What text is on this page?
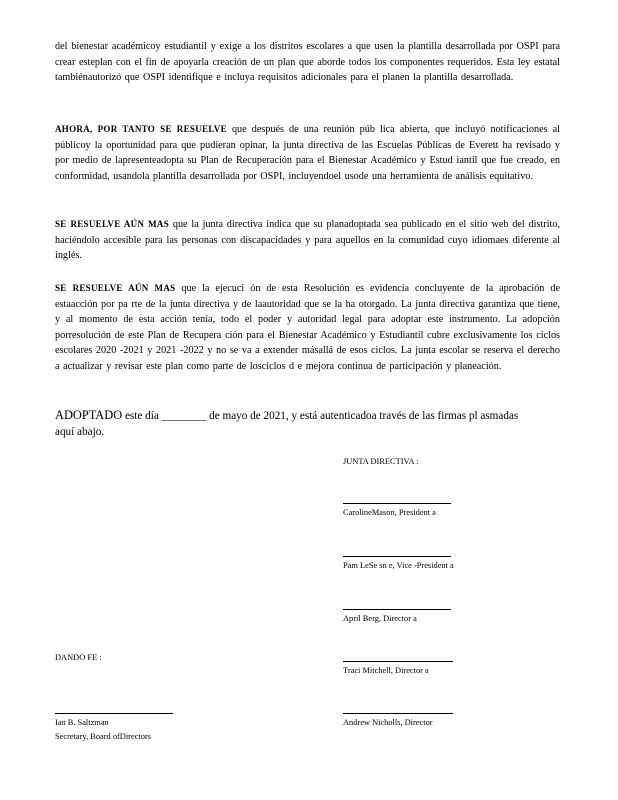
del bienestar académicoy estudiantil y exige a los distritos escolares a que usen la plantilla desarrollada por OSPI para crear esteplan con el fin de apoyarla creación de un plan que aborde todos los componentes requeridos. Esta ley estatal tambiénautorizó que OSPI identifique e incluya requisitos adicionales para el planen la plantilla desarrollada.
AHORA, POR TANTO SE RESUELVE que después de una reunión púb lica abierta, que incluyó notificaciones al públicoy la oportunidad para que pudieran opinar, la junta directiva de las Escuelas Públicas de Everett ha revisado y por medio de lapresenteadopta su Plan de Recuperación para el Bienestar Académico y Estud iantil que fue creado, en conformidad, usandola plantilla desarrollada por OSPI, incluyendoel usode una herramienta de análisis equitativo.
SE RESUELVE AÚN MAS que la junta directiva indica que su planadoptada sea publicado en el sitio web del distrito, haciéndolo accesible para las personas con discapacidades y para aquellos en la comunidad cuyo idiomaes diferente al inglés.
SE RESUELVE AÚN MAS que la ejecuci ón de esta Resolución es evidencia concluyente de la aprobación de estaacción por pa rte de la junta directiva y de laautoridad que se la ha otorgado. La junta directiva garantiza que tiene, y al momento de esta acción tenía, todo el poder y autoridad legal para adoptar este instrumento. La adopción porresolución de este Plan de Recupera ción para el Bienestar Académico y Estudiantil cubre exclusivamente los ciclos escolares 2020 -2021 y 2021 -2022 y no se va a extender másallá de esos ciclos. La junta escolar se reserva el derecho a actualizar y revisar este plan como parte de losciclos d e mejora continua de participación y planeación.
ADOPTADO este día ________ de mayo de 2021, y está autenticadoa través de las firmas pl asmadas
aquí abajo.
JUNTA DIRECTIVA :
CarolineMason, President a
Pam LeSe sn e, Vice -President a
April Berg, Director a
Traci Mitchell, Director a
Andrew Nicholls, Director
DANDO FE :
Ian B. Saltzman
Secretary, Board ofDirectors
